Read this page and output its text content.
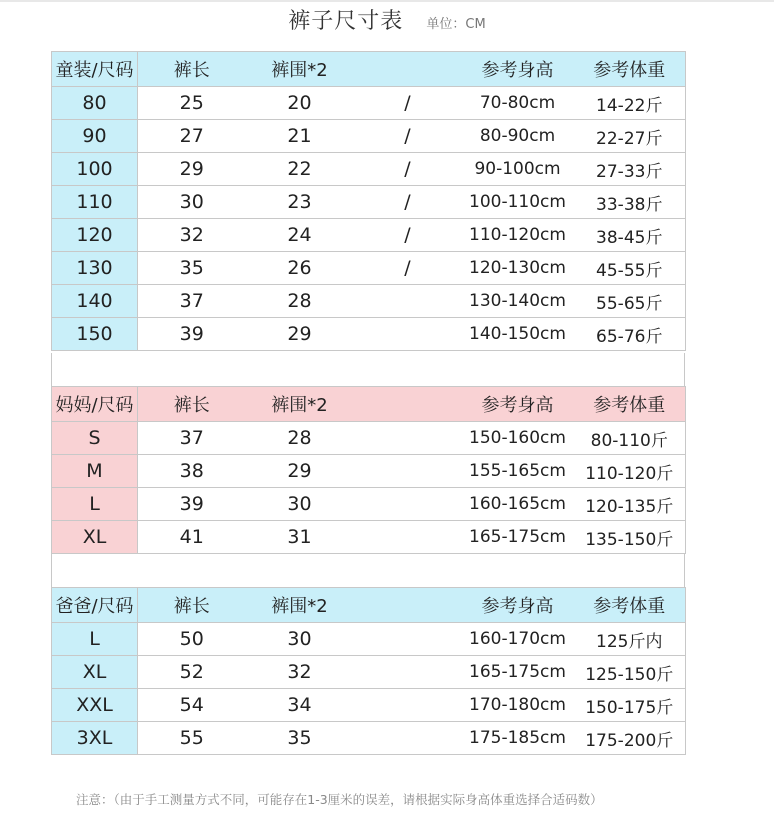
裤子尺寸表 单位：CM
童装/尺码	裤长	裤围*2		参考身高	参考体重
80	25	20	/	70-80cm	14-22斤
90	27	21	/	80-90cm	22-27斤
100	29	22	/	90-100cm	27-33斤
110	30	23	/	100-110cm	33-38斤
120	32	24	/	110-120cm	38-45斤
130	35	26	/	120-130cm	45-55斤
140	37	28		130-140cm	55-65斤
150	39	29		140-150cm	65-76斤
妈妈/尺码	裤长	裤围*2		参考身高	参考体重
S	37	28		150-160cm	80-110斤
M	38	29		155-165cm	110-120斤
L	39	30		160-165cm	120-135斤
XL	41	31		165-175cm	135-150斤
爸爸/尺码	裤长	裤围*2		参考身高	参考体重
L	50	30		160-170cm	125斤内
XL	52	32		165-175cm	125-150斤
XXL	54	34		170-180cm	150-175斤
3XL	55	35		175-185cm	175-200斤
注意：（由于手工测量方式不同，可能存在1-3厘米的误差，请根据实际身高体重选择合适码数）
